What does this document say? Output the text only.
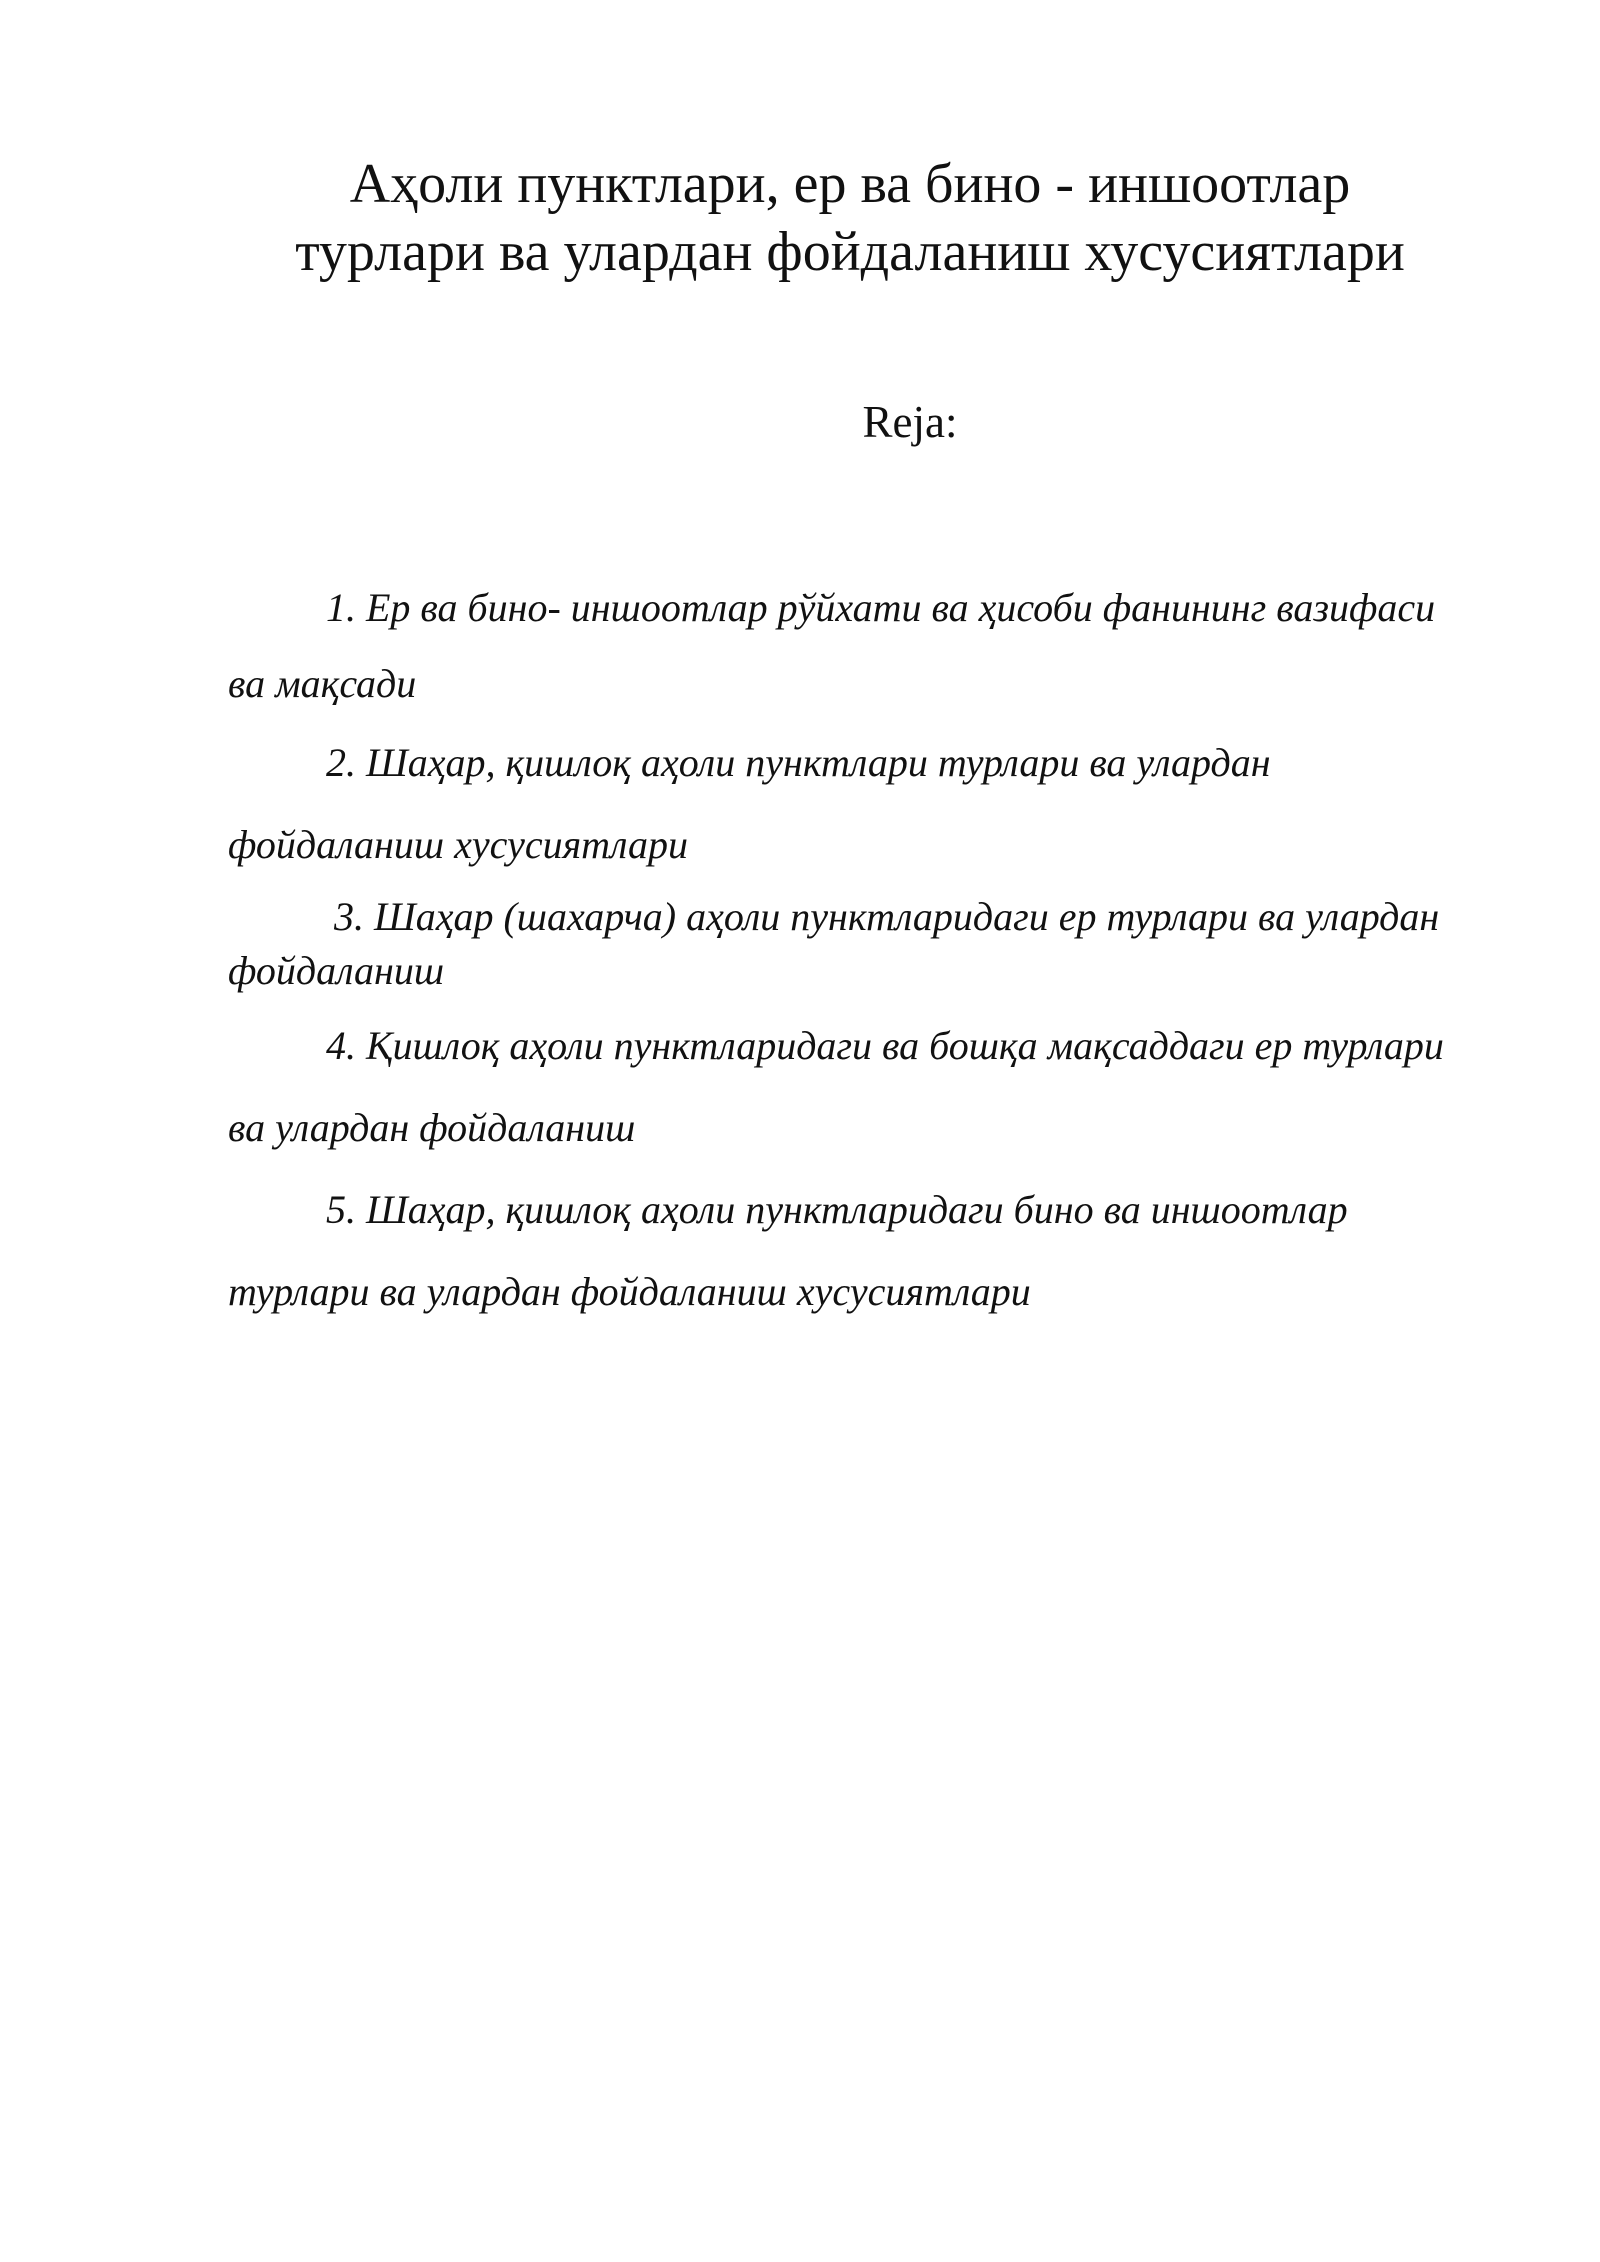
Аҳоли пунктлари, ер ва бино - иншоотлар
турлари ва улардан фойдаланиш хусусиятлари
Reja:
1. Ер ва бино- иншоотлар рўйхати ва ҳисоби фанининг вазифаси ва мақсади
2. Шаҳар, қишлоқ аҳоли пунктлари турлари ва улардан фойдаланиш хусусиятлари
3. Шаҳар (шахарча) аҳоли пунктларидаги ер турлари ва улардан фойдаланиш
4. Қишлоқ аҳоли пунктларидаги ва бошқа мақсаддаги ер турлари ва улардан фойдаланиш
5. Шаҳар, қишлоқ аҳоли пунктларидаги бино ва иншоотлар турлари ва улардан фойдаланиш хусусиятлари
